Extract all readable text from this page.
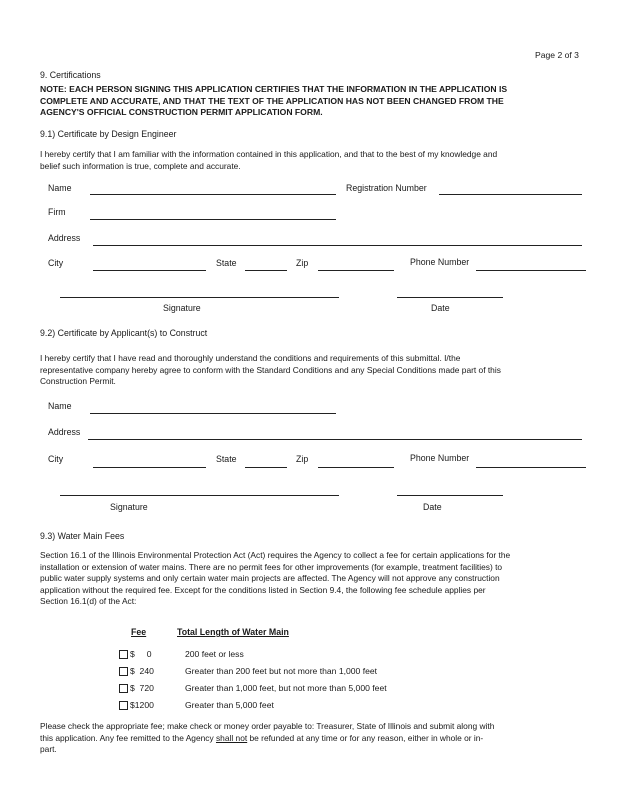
Page 2 of 3
9. Certifications
NOTE: EACH PERSON SIGNING THIS APPLICATION CERTIFIES THAT THE INFORMATION IN THE APPLICATION IS
COMPLETE AND ACCURATE, AND THAT THE TEXT OF THE APPLICATION HAS NOT BEEN CHANGED FROM THE
AGENCY'S OFFICIAL CONSTRUCTION PERMIT APPLICATION FORM.
9.1) Certificate by Design Engineer
I hereby certify that I am familiar with the information contained in this application, and that to the best of my knowledge and
belief such information is true, complete and accurate.
Name	Registration Number
Firm
Address
City	State	Zip	Phone Number
Signature	Date
9.2) Certificate by Applicant(s) to Construct
I hereby certify that I have read and thoroughly understand the conditions and requirements of this submittal. I/the
representative company hereby agree to conform with the Standard Conditions and any Special Conditions made part of this
Construction Permit.
Name
Address
City	State	Zip	Phone Number
Signature	Date
9.3) Water Main Fees
Section 16.1 of the Illinois Environmental Protection Act (Act) requires the Agency to collect a fee for certain applications for the
installation or extension of water mains. There are no permit fees for other improvements (for example, treatment facilities) to
public water supply systems and only certain water main projects are affected. The Agency will not approve any construction
application without the required fee. Except for the conditions listed in Section 9.4, the following fee schedule applies per
Section 16.1(d) of the Act:
Fee	Total Length of Water Main
$     0	200 feet or less
$  240	Greater than 200 feet but not more than 1,000 feet
$  720	Greater than 1,000 feet, but not more than 5,000 feet
$1200	Greater than 5,000 feet
Please check the appropriate fee; make check or money order payable to: Treasurer, State of Illinois and submit along with
this application. Any fee remitted to the Agency shall not be refunded at any time or for any reason, either in whole or in-
part.
